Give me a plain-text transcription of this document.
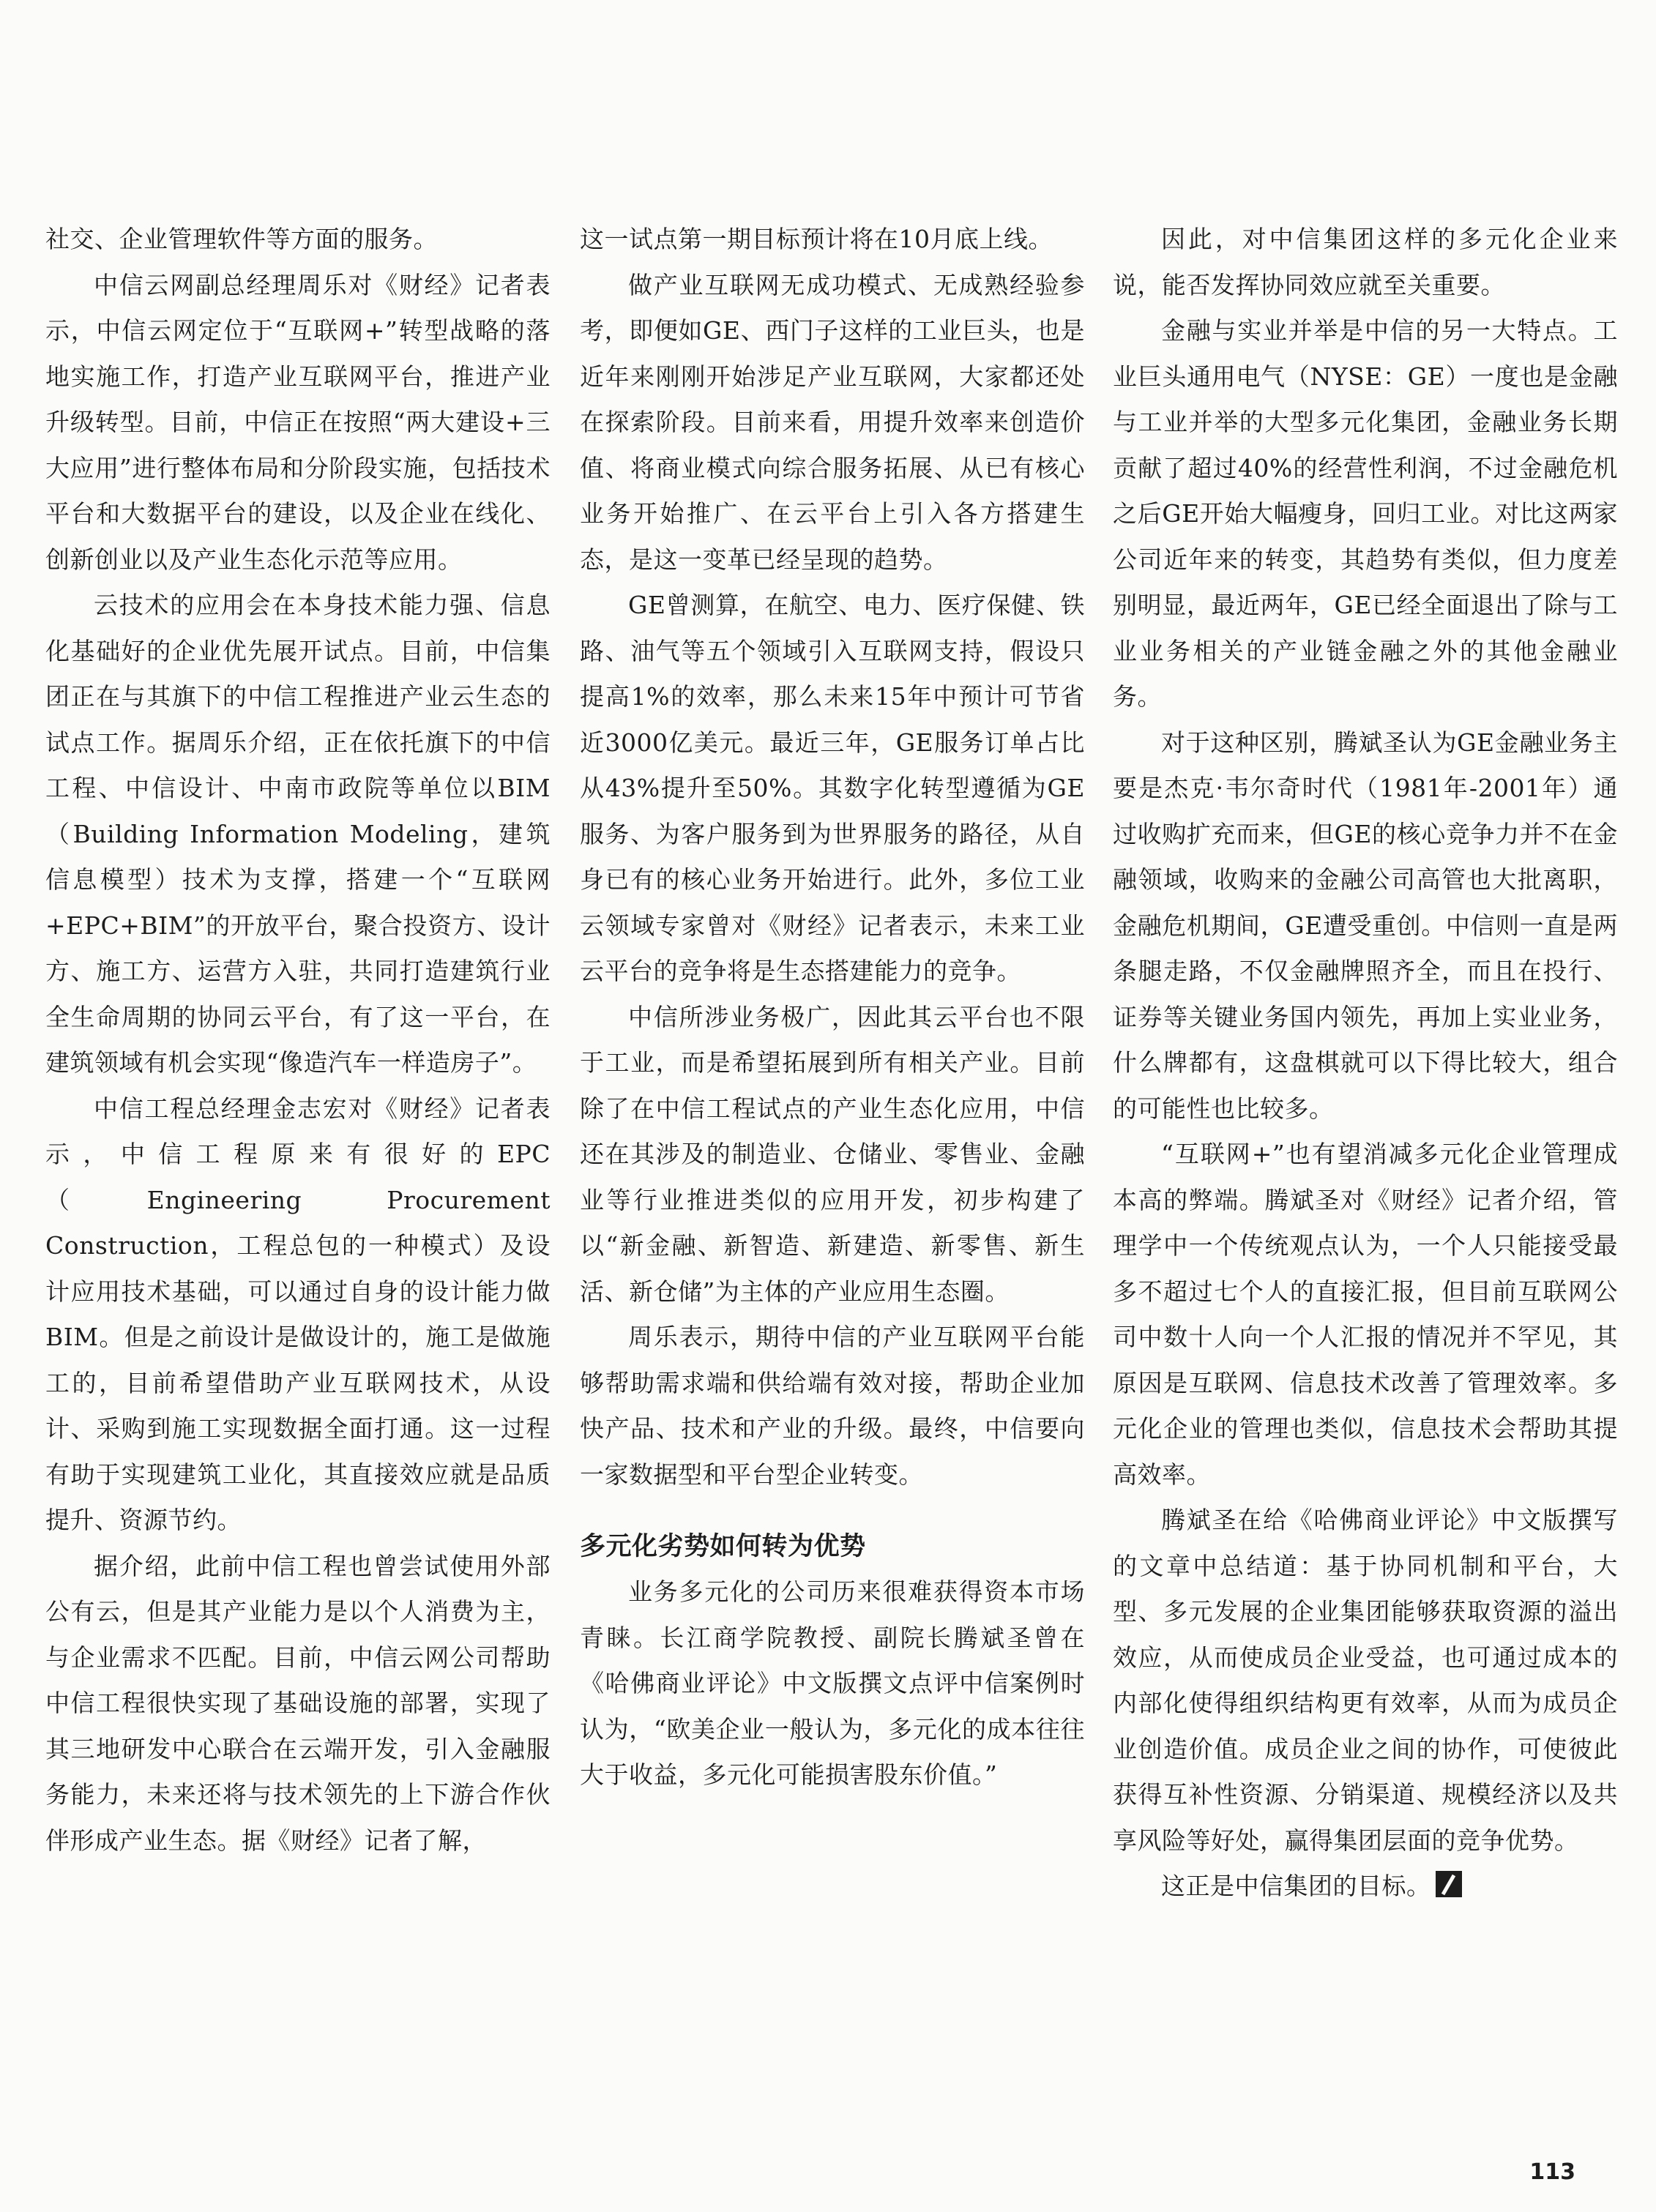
社交、企业管理软件等方面的服务。

中信云网副总经理周乐对《财经》记者表示，中信云网定位于“互联网+”转型战略的落地实施工作，打造产业互联网平台，推进产业升级转型。目前，中信正在按照“两大建设+三大应用”进行整体布局和分阶段实施，包括技术平台和大数据平台的建设，以及企业在线化、创新创业以及产业生态化示范等应用。

云技术的应用会在本身技术能力强、信息化基础好的企业优先展开试点。目前，中信集团正在与其旗下的中信工程推进产业云生态的试点工作。据周乐介绍，正在依托旗下的中信工程、中信设计、中南市政院等单位以BIM（Building Information Modeling，建筑信息模型）技术为支撑，搭建一个“互联网+EPC+BIM”的开放平台，聚合投资方、设计方、施工方、运营方入驻，共同打造建筑行业全生命周期的协同云平台，有了这一平台，在建筑领域有机会实现“像造汽车一样造房子”。

中信工程总经理金志宏对《财经》记者表示，中信工程原来有很好的EPC（Engineering Procurement Construction，工程总包的一种模式）及设计应用技术基础，可以通过自身的设计能力做BIM。但是之前设计是做设计的，施工是做施工的，目前希望借助产业互联网技术，从设计、采购到施工实现数据全面打通。这一过程有助于实现建筑工业化，其直接效应就是品质提升、资源节约。

据介绍，此前中信工程也曾尝试使用外部公有云，但是其产业能力是以个人消费为主，与企业需求不匹配。目前，中信云网公司帮助中信工程很快实现了基础设施的部署，实现了其三地研发中心联合在云端开发，引入金融服务能力，未来还将与技术领先的上下游合作伙伴形成产业生态。据《财经》记者了解，

这一试点第一期目标预计将在10月底上线。

做产业互联网无成功模式、无成熟经验参考，即便如GE、西门子这样的工业巨头，也是近年来刚刚开始涉足产业互联网，大家都还处在探索阶段。目前来看，用提升效率来创造价值、将商业模式向综合服务拓展、从已有核心业务开始推广、在云平台上引入各方搭建生态，是这一变革已经呈现的趋势。

GE曾测算，在航空、电力、医疗保健、铁路、油气等五个领域引入互联网支持，假设只提高1%的效率，那么未来15年中预计可节省近3000亿美元。最近三年，GE服务订单占比从43%提升至50%。其数字化转型遵循为GE服务、为客户服务到为世界服务的路径，从自身已有的核心业务开始进行。此外，多位工业云领域专家曾对《财经》记者表示，未来工业云平台的竞争将是生态搭建能力的竞争。

中信所涉业务极广，因此其云平台也不限于工业，而是希望拓展到所有相关产业。目前除了在中信工程试点的产业生态化应用，中信还在其涉及的制造业、仓储业、零售业、金融业等行业推进类似的应用开发，初步构建了以“新金融、新智造、新建造、新零售、新生活、新仓储”为主体的产业应用生态圈。

周乐表示，期待中信的产业互联网平台能够帮助需求端和供给端有效对接，帮助企业加快产品、技术和产业的升级。最终，中信要向一家数据型和平台型企业转变。

多元化劣势如何转为优势

业务多元化的公司历来很难获得资本市场青睐。长江商学院教授、副院长腾斌圣曾在《哈佛商业评论》中文版撰文点评中信案例时认为，“欧美企业一般认为，多元化的成本往往大于收益，多元化可能损害股东价值。”

因此，对中信集团这样的多元化企业来说，能否发挥协同效应就至关重要。

金融与实业并举是中信的另一大特点。工业巨头通用电气（NYSE：GE）一度也是金融与工业并举的大型多元化集团，金融业务长期贡献了超过40%的经营性利润，不过金融危机之后GE开始大幅瘦身，回归工业。对比这两家公司近年来的转变，其趋势有类似，但力度差别明显，最近两年，GE已经全面退出了除与工业业务相关的产业链金融之外的其他金融业务。

对于这种区别，腾斌圣认为GE金融业务主要是杰克·韦尔奇时代（1981年-2001年）通过收购扩充而来，但GE的核心竞争力并不在金融领域，收购来的金融公司高管也大批离职，金融危机期间，GE遭受重创。中信则一直是两条腿走路，不仅金融牌照齐全，而且在投行、证券等关键业务国内领先，再加上实业业务，什么牌都有，这盘棋就可以下得比较大，组合的可能性也比较多。

“互联网+”也有望消减多元化企业管理成本高的弊端。腾斌圣对《财经》记者介绍，管理学中一个传统观点认为，一个人只能接受最多不超过七个人的直接汇报，但目前互联网公司中数十人向一个人汇报的情况并不罕见，其原因是互联网、信息技术改善了管理效率。多元化企业的管理也类似，信息技术会帮助其提高效率。

腾斌圣在给《哈佛商业评论》中文版撰写的文章中总结道：基于协同机制和平台，大型、多元发展的企业集团能够获取资源的溢出效应，从而使成员企业受益，也可通过成本的内部化使得组织结构更有效率，从而为成员企业创造价值。成员企业之间的协作，可使彼此获得互补性资源、分销渠道、规模经济以及共享风险等好处，赢得集团层面的竞争优势。

这正是中信集团的目标。

113
